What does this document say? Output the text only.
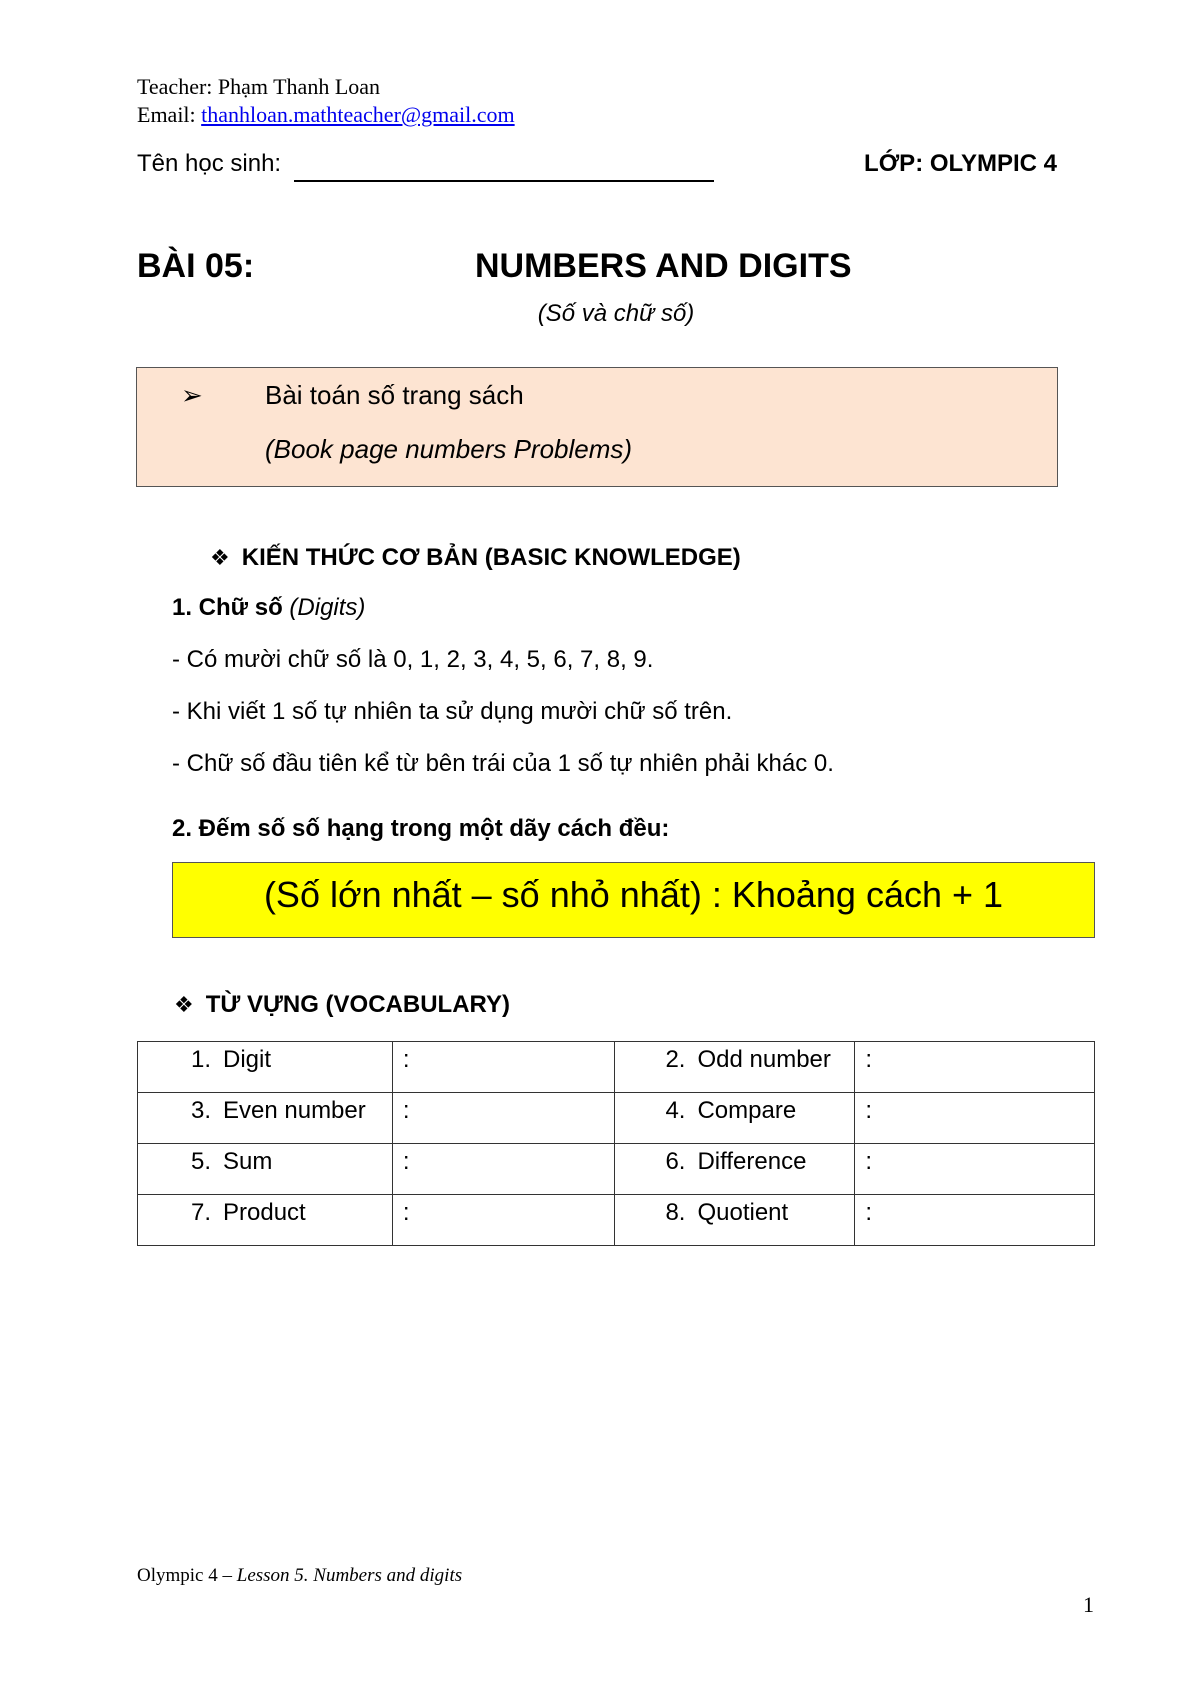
Teacher: Phạm Thanh Loan
Email: thanhloan.mathteacher@gmail.com
Tên học sinh:	LỚP: OLYMPIC 4
BÀI 05:	NUMBERS AND DIGITS
(Số và chữ số)
➢ Bài toán số trang sách
(Book page numbers Problems)
❖ KIẾN THỨC CƠ BẢN (BASIC KNOWLEDGE)
1. Chữ số (Digits)
- Có mười chữ số là 0, 1, 2, 3, 4, 5, 6, 7, 8, 9.
- Khi viết 1 số tự nhiên ta sử dụng mười chữ số trên.
- Chữ số đầu tiên kể từ bên trái của 1 số tự nhiên phải khác 0.
2. Đếm số số hạng trong một dãy cách đều:
(Số lớn nhất – số nhỏ nhất) : Khoảng cách + 1
❖ TỪ VỰNG (VOCABULARY)
1. Digit	:	2. Odd number	:

3. Even number	:	4. Compare	:

5. Sum	:	6. Difference	:

7. Product	:	8. Quotient	:
Olympic 4 – Lesson 5. Numbers and digits
1
